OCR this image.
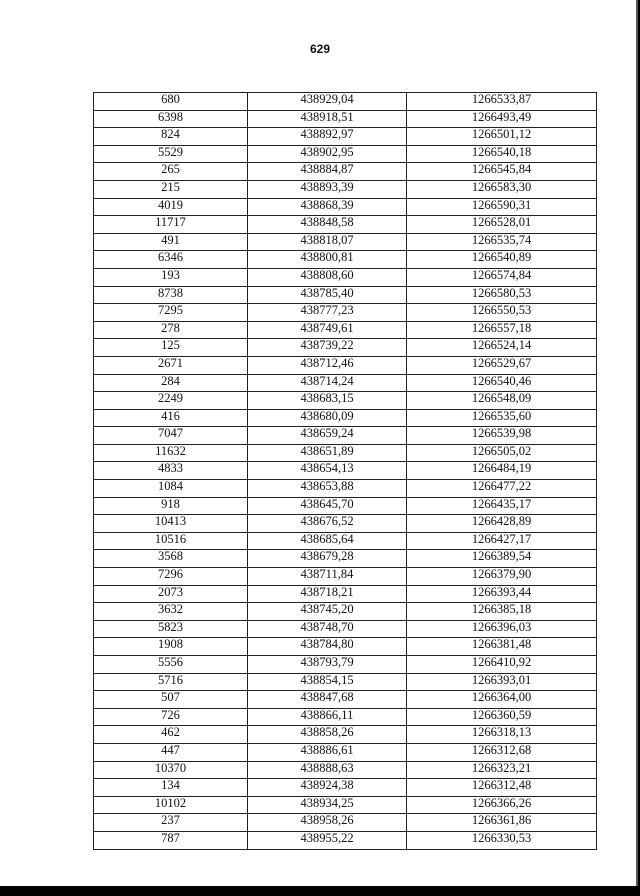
629
680	438929,04	1266533,87
6398	438918,51	1266493,49
824	438892,97	1266501,12
5529	438902,95	1266540,18
265	438884,87	1266545,84
215	438893,39	1266583,30
4019	438868,39	1266590,31
11717	438848,58	1266528,01
491	438818,07	1266535,74
6346	438800,81	1266540,89
193	438808,60	1266574,84
8738	438785,40	1266580,53
7295	438777,23	1266550,53
278	438749,61	1266557,18
125	438739,22	1266524,14
2671	438712,46	1266529,67
284	438714,24	1266540,46
2249	438683,15	1266548,09
416	438680,09	1266535,60
7047	438659,24	1266539,98
11632	438651,89	1266505,02
4833	438654,13	1266484,19
1084	438653,88	1266477,22
918	438645,70	1266435,17
10413	438676,52	1266428,89
10516	438685,64	1266427,17
3568	438679,28	1266389,54
7296	438711,84	1266379,90
2073	438718,21	1266393,44
3632	438745,20	1266385,18
5823	438748,70	1266396,03
1908	438784,80	1266381,48
5556	438793,79	1266410,92
5716	438854,15	1266393,01
507	438847,68	1266364,00
726	438866,11	1266360,59
462	438858,26	1266318,13
447	438886,61	1266312,68
10370	438888,63	1266323,21
134	438924,38	1266312,48
10102	438934,25	1266366,26
237	438958,26	1266361,86
787	438955,22	1266330,53
